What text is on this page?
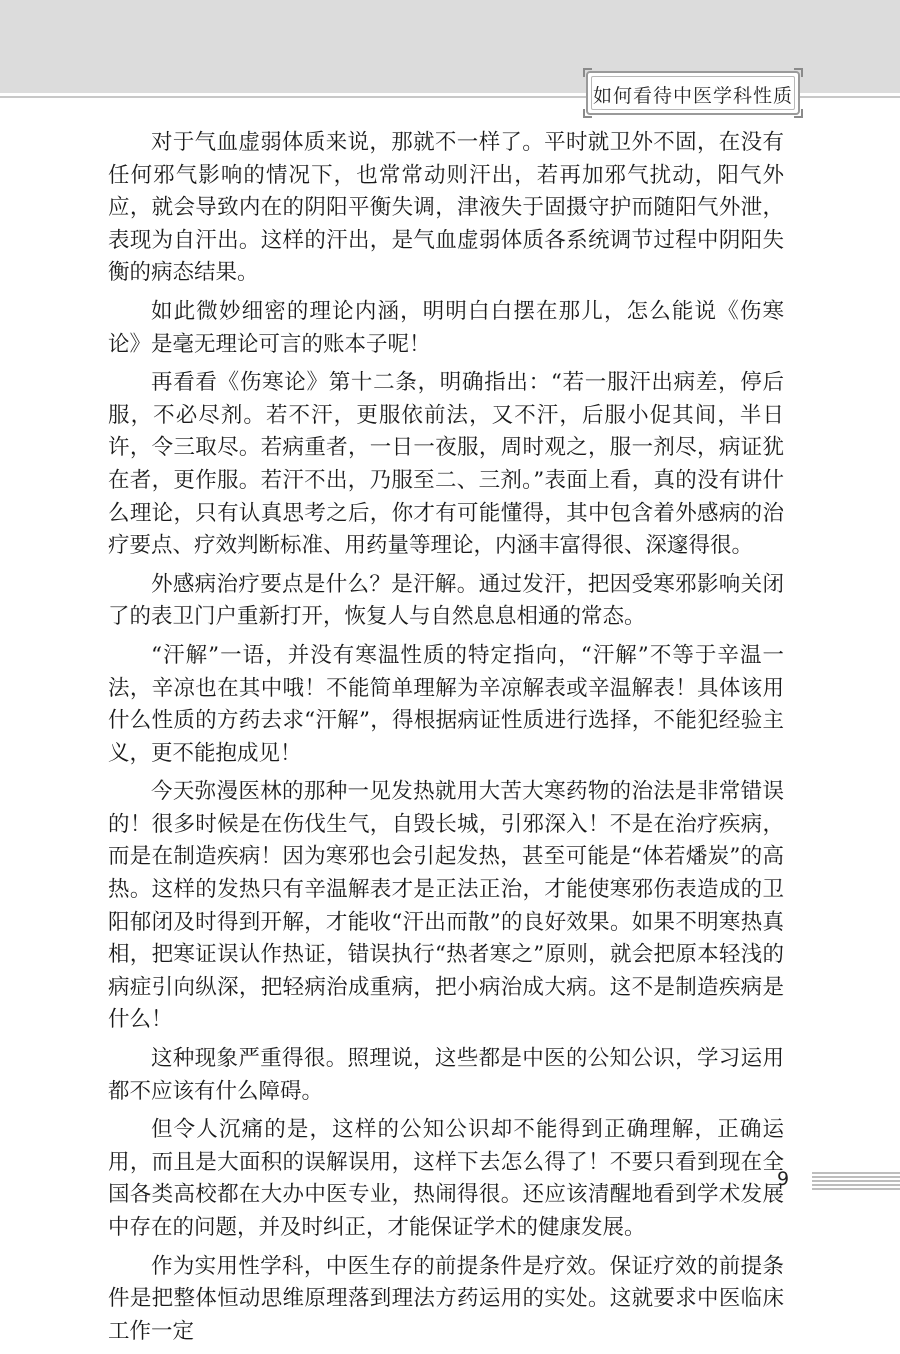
如何看待中医学科性质

对于气血虚弱体质来说，那就不一样了。平时就卫外不固，在没有任何邪气影响的情况下，也常常动则汗出，若再加邪气扰动，阳气外应，就会导致内在的阴阳平衡失调，津液失于固摄守护而随阳气外泄，表现为自汗出。这样的汗出，是气血虚弱体质各系统调节过程中阴阳失衡的病态结果。

如此微妙细密的理论内涵，明明白白摆在那儿，怎么能说《伤寒论》是毫无理论可言的账本子呢！

再看看《伤寒论》第十二条，明确指出：“若一服汗出病差，停后服，不必尽剂。若不汗，更服依前法，又不汗，后服小促其间，半日许，令三取尽。若病重者，一日一夜服，周时观之，服一剂尽，病证犹在者，更作服。若汗不出，乃服至二、三剂。”表面上看，真的没有讲什么理论，只有认真思考之后，你才有可能懂得，其中包含着外感病的治疗要点、疗效判断标准、用药量等理论，内涵丰富得很、深邃得很。

外感病治疗要点是什么？是汗解。通过发汗，把因受寒邪影响关闭了的表卫门户重新打开，恢复人与自然息息相通的常态。

“汗解”一语，并没有寒温性质的特定指向，“汗解”不等于辛温一法，辛凉也在其中哦！不能简单理解为辛凉解表或辛温解表！具体该用什么性质的方药去求“汗解”，得根据病证性质进行选择，不能犯经验主义，更不能抱成见！

今天弥漫医林的那种一见发热就用大苦大寒药物的治法是非常错误的！很多时候是在伤伐生气，自毁长城，引邪深入！不是在治疗疾病，而是在制造疾病！因为寒邪也会引起发热，甚至可能是“体若燔炭”的高热。这样的发热只有辛温解表才是正法正治，才能使寒邪伤表造成的卫阳郁闭及时得到开解，才能收“汗出而散”的良好效果。如果不明寒热真相，把寒证误认作热证，错误执行“热者寒之”原则，就会把原本轻浅的病症引向纵深，把轻病治成重病，把小病治成大病。这不是制造疾病是什么！

这种现象严重得很。照理说，这些都是中医的公知公识，学习运用都不应该有什么障碍。

但令人沉痛的是，这样的公知公识却不能得到正确理解，正确运用，而且是大面积的误解误用，这样下去怎么得了！不要只看到现在全国各类高校都在大办中医专业，热闹得很。还应该清醒地看到学术发展中存在的问题，并及时纠正，才能保证学术的健康发展。

作为实用性学科，中医生存的前提条件是疗效。保证疗效的前提条件是把整体恒动思维原理落到理法方药运用的实处。这就要求中医临床工作一定

9
